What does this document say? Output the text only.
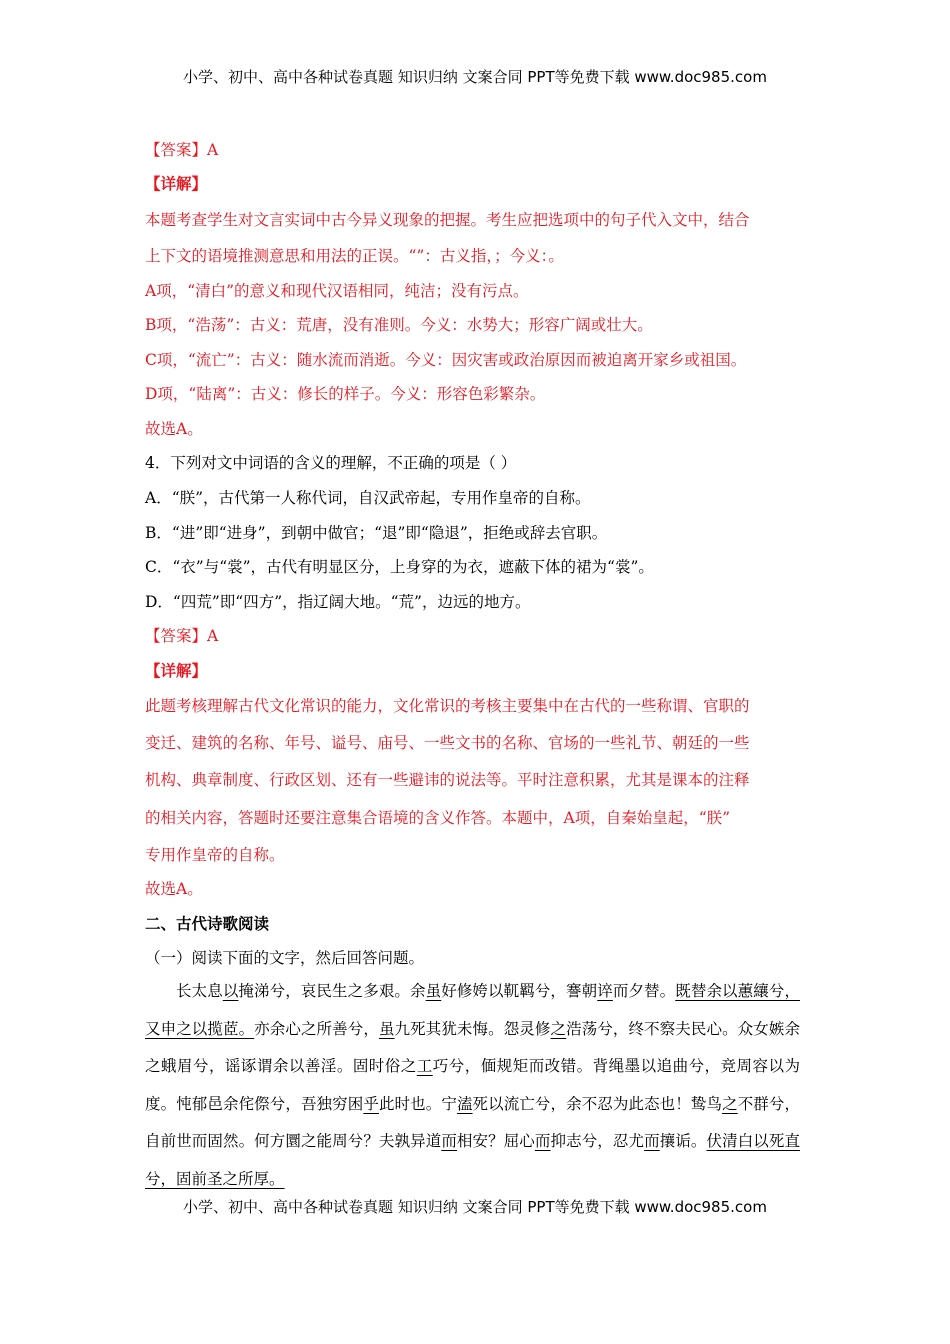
小学、初中、高中各种试卷真题 知识归纳 文案合同 PPT等免费下载 www.doc985.com
【答案】A
【详解】
本题考查学生对文言实词中古今异义现象的把握。考生应把选项中的句子代入文中，结合
上下文的语境推测意思和用法的正误。“”：古义指，；今义：。
A项，“清白”的意义和现代汉语相同，纯洁；没有污点。
B项，“浩荡”：古义：荒唐，没有准则。今义：水势大；形容广阔或壮大。
C项，“流亡”：古义：随水流而消逝。今义：因灾害或政治原因而被迫离开家乡或祖国。
D项，“陆离”：古义：修长的样子。今义：形容色彩繁杂。
故选A。
4．下列对文中词语的含义的理解，不正确的项是（ ）
A．“朕”，古代第一人称代词，自汉武帝起，专用作皇帝的自称。
B．“进”即“进身”，到朝中做官；“退”即“隐退”，拒绝或辞去官职。
C．“衣”与“裳”，古代有明显区分，上身穿的为衣，遮蔽下体的裙为“裳”。
D．“四荒”即“四方”，指辽阔大地。“荒”，边远的地方。
【答案】A
【详解】
此题考核理解古代文化常识的能力，文化常识的考核主要集中在古代的一些称谓、官职的
变迁、建筑的名称、年号、谥号、庙号、一些文书的名称、官场的一些礼节、朝廷的一些
机构、典章制度、行政区划、还有一些避讳的说法等。平时注意积累，尤其是课本的注释
的相关内容，答题时还要注意集合语境的含义作答。本题中，A项，自秦始皇起，“朕”
专用作皇帝的自称。
故选A。
二、古代诗歌阅读
（一）阅读下面的文字，然后回答问题。
长太息以掩涕兮，哀民生之多艰。余虽好修姱以靰羁兮，謇朝谇而夕替。既替余以蕙纕兮，又申之以揽茝。亦余心之所善兮，虽九死其犹未悔。怨灵修之浩荡兮，终不察夫民心。众女嫉余之蛾眉兮，谣诼谓余以善淫。固时俗之工巧兮，偭规矩而改错。背绳墨以追曲兮，竞周容以为度。忳郁邑余侘傺兮，吾独穷困乎此时也。宁溘死以流亡兮，余不忍为此态也！鸷鸟之不群兮，自前世而固然。何方圜之能周兮？夫孰异道而相安？屈心而抑志兮，忍尤而攘诟。伏清白以死直兮，固前圣之所厚。
小学、初中、高中各种试卷真题 知识归纳 文案合同 PPT等免费下载 www.doc985.com
